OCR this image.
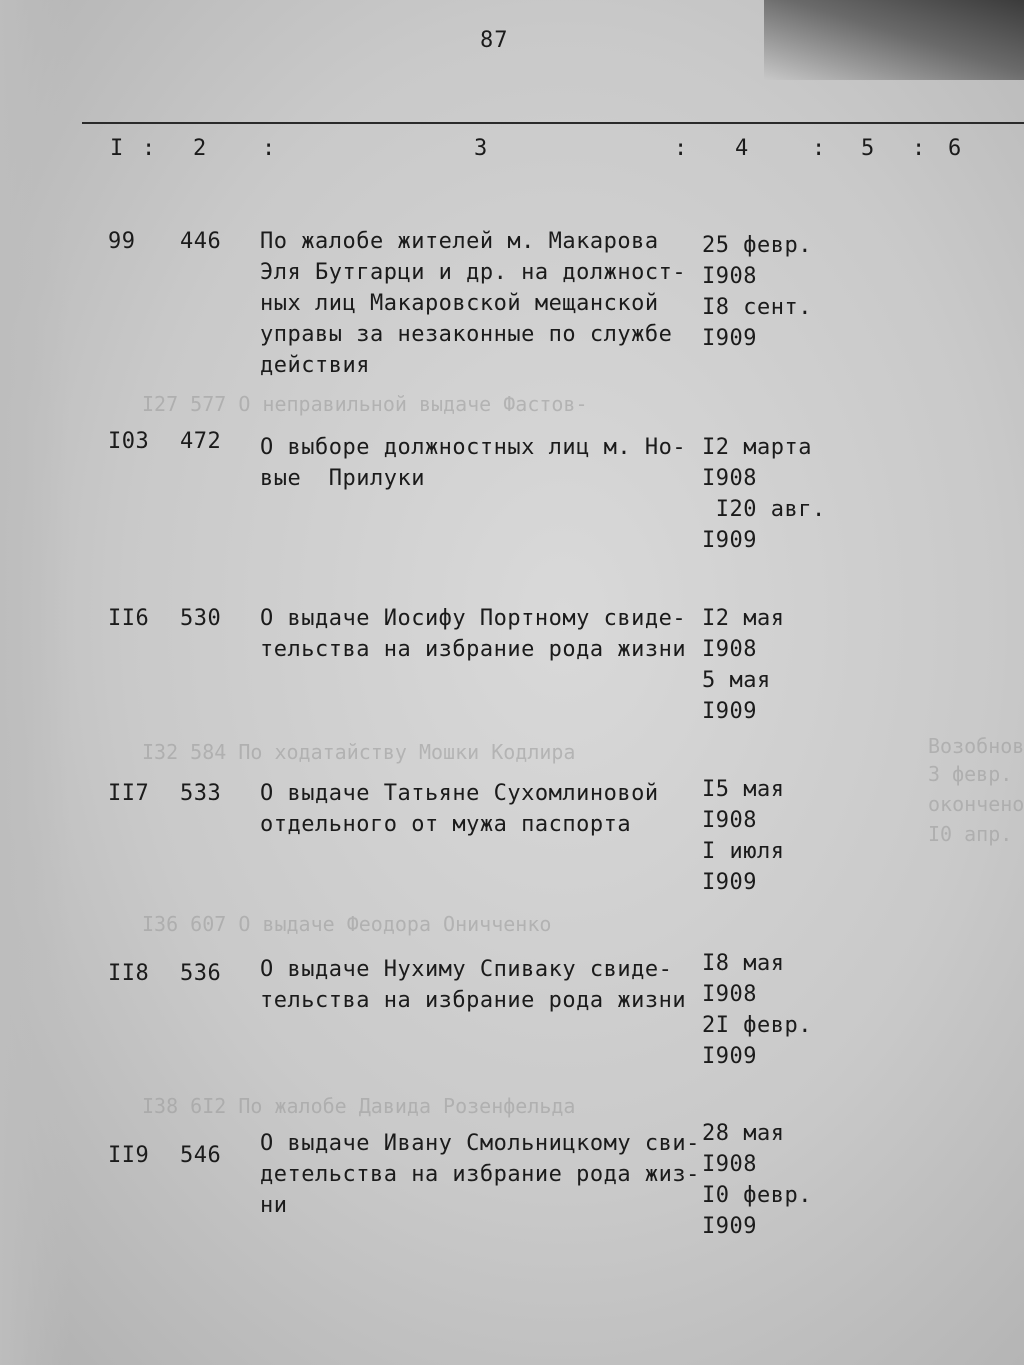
I27 577 О неправильной выдаче Фастов-
I32 584 По ходатайству Мошки Кодлира
I36 607 О выдаче Феодора Оничченко
I38 6I2 По жалобе Давида Розенфельда
Возобнов
3 февр.
окончено
I0 апр.
87
I : 2	:	3	: 4	: 5 : 6
99 446 По жалобе жителей м. Макарова
Эля Бутгарци и др. на должност-
ных лиц Макаровской мещанской
управы за незаконные по службе
действия
25 февр.
I908
I8 сент.
I909
I03 472 О выборе должностных лиц м. Но-
вые  Прилуки
I2 марта
I908
I20 авг.
I909
II6 530 О выдаче Иосифу Портному свиде-
тельства на избрание рода жизни
I2 мая
I908
5 мая
I909
II7 533 О выдаче Татьяне Сухомлиновой
отдельного от мужа паспорта
I5 мая
I908
I июля
I909
II8 536 О выдаче Нухиму Спиваку свиде-
тельства на избрание рода жизни
I8 мая
I908
2I февр.
I909
II9 546 О выдаче Ивану Смольницкому сви-
детельства на избрание рода жиз-
ни
28 мая
I908
I0 февр.
I909
